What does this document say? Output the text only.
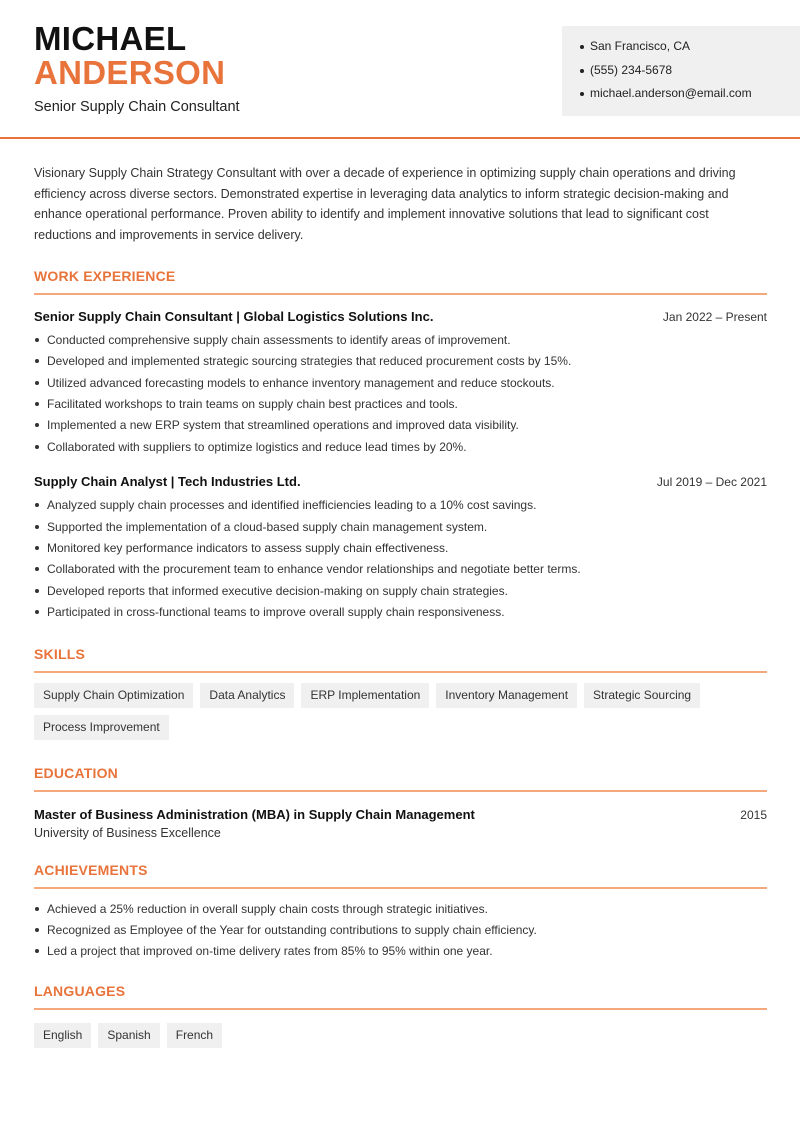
MICHAEL
ANDERSON
Senior Supply Chain Consultant
San Francisco, CA
(555) 234-5678
michael.anderson@email.com

Visionary Supply Chain Strategy Consultant with over a decade of experience in optimizing supply chain operations and driving efficiency across diverse sectors. Demonstrated expertise in leveraging data analytics to inform strategic decision-making and enhance operational performance. Proven ability to identify and implement innovative solutions that lead to significant cost reductions and improvements in service delivery.

WORK EXPERIENCE
Senior Supply Chain Consultant | Global Logistics Solutions Inc.	Jan 2022 – Present
Conducted comprehensive supply chain assessments to identify areas of improvement.
Developed and implemented strategic sourcing strategies that reduced procurement costs by 15%.
Utilized advanced forecasting models to enhance inventory management and reduce stockouts.
Facilitated workshops to train teams on supply chain best practices and tools.
Implemented a new ERP system that streamlined operations and improved data visibility.
Collaborated with suppliers to optimize logistics and reduce lead times by 20%.
Supply Chain Analyst | Tech Industries Ltd.	Jul 2019 – Dec 2021
Analyzed supply chain processes and identified inefficiencies leading to a 10% cost savings.
Supported the implementation of a cloud-based supply chain management system.
Monitored key performance indicators to assess supply chain effectiveness.
Collaborated with the procurement team to enhance vendor relationships and negotiate better terms.
Developed reports that informed executive decision-making on supply chain strategies.
Participated in cross-functional teams to improve overall supply chain responsiveness.
SKILLS
Supply Chain Optimization	Data Analytics	ERP Implementation	Inventory Management	Strategic Sourcing
Process Improvement
EDUCATION
Master of Business Administration (MBA) in Supply Chain Management	2015
University of Business Excellence
ACHIEVEMENTS
Achieved a 25% reduction in overall supply chain costs through strategic initiatives.
Recognized as Employee of the Year for outstanding contributions to supply chain efficiency.
Led a project that improved on-time delivery rates from 85% to 95% within one year.
LANGUAGES
English	Spanish	French
